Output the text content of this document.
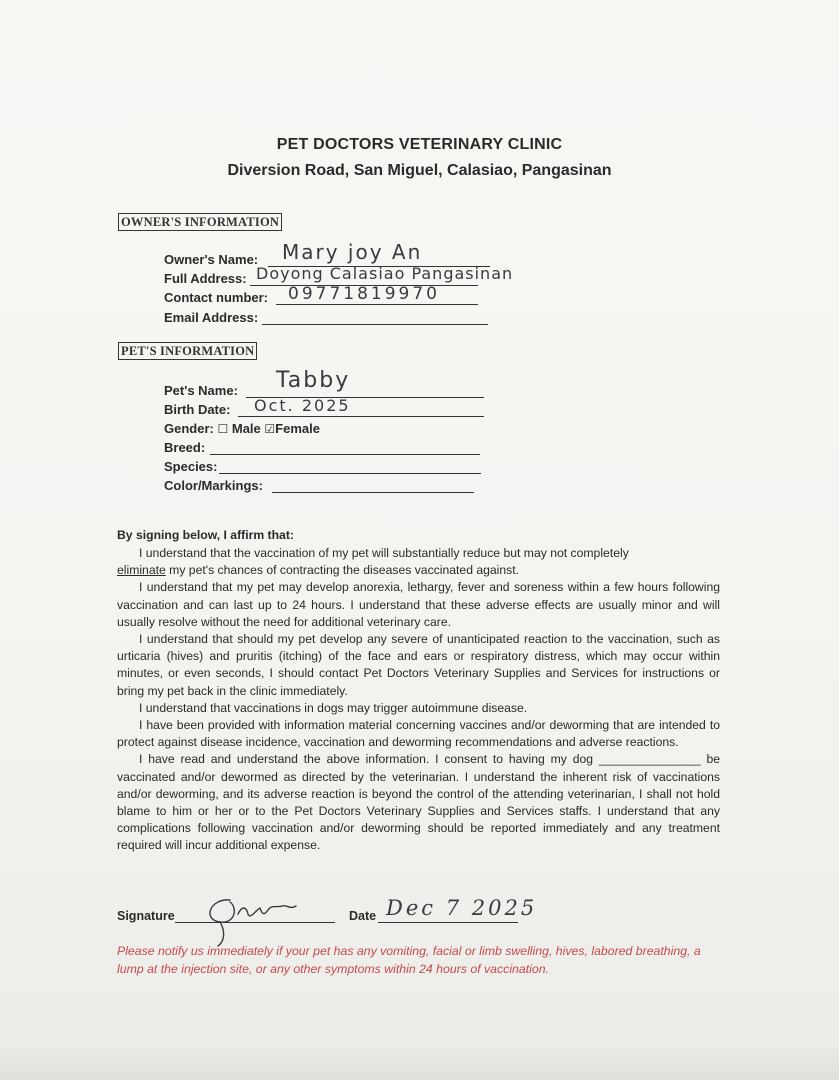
PET DOCTORS VETERINARY CLINIC
Diversion Road, San Miguel, Calasiao, Pangasinan
OWNER'S INFORMATION
Owner's Name: Mary joy An
Full Address: Doyong Calasiao Pangasinan
Contact number: 09771819970
Email Address:
PET'S INFORMATION
Pet's Name: Tabby
Birth Date: Oct. 2025
Gender: ☐ Male ☑Female
Breed:
Species:
Color/Markings:
By signing below, I affirm that:

I understand that the vaccination of my pet will substantially reduce but may not completely
eliminate my pet's chances of contracting the diseases vaccinated against.

I understand that my pet may develop anorexia, lethargy, fever and soreness within a few hours following vaccination and can last up to 24 hours. I understand that these adverse effects are usually minor and will usually resolve without the need for additional veterinary care.

I understand that should my pet develop any severe of unanticipated reaction to the vaccination, such as urticaria (hives) and pruritis (itching) of the face and ears or respiratory distress, which may occur within minutes, or even seconds, I should contact Pet Doctors Veterinary Supplies and Services for instructions or bring my pet back in the clinic immediately.

I understand that vaccinations in dogs may trigger autoimmune disease.

I have been provided with information material concerning vaccines and/or deworming that are intended to protect against disease incidence, vaccination and deworming recommendations and adverse reactions.

I have read and understand the above information. I consent to having my dog _______________ be vaccinated and/or dewormed as directed by the veterinarian. I understand the inherent risk of vaccinations and/or deworming, and its adverse reaction is beyond the control of the attending veterinarian, I shall not hold blame to him or her or to the Pet Doctors Veterinary Supplies and Services staffs. I understand that any complications following vaccination and/or deworming should be reported immediately and any treatment required will incur additional expense.

Signature	Date Dec 7 2025
Please notify us immediately if your pet has any vomiting, facial or limb swelling, hives, labored breathing, a lump at the injection site, or any other symptoms within 24 hours of vaccination.
